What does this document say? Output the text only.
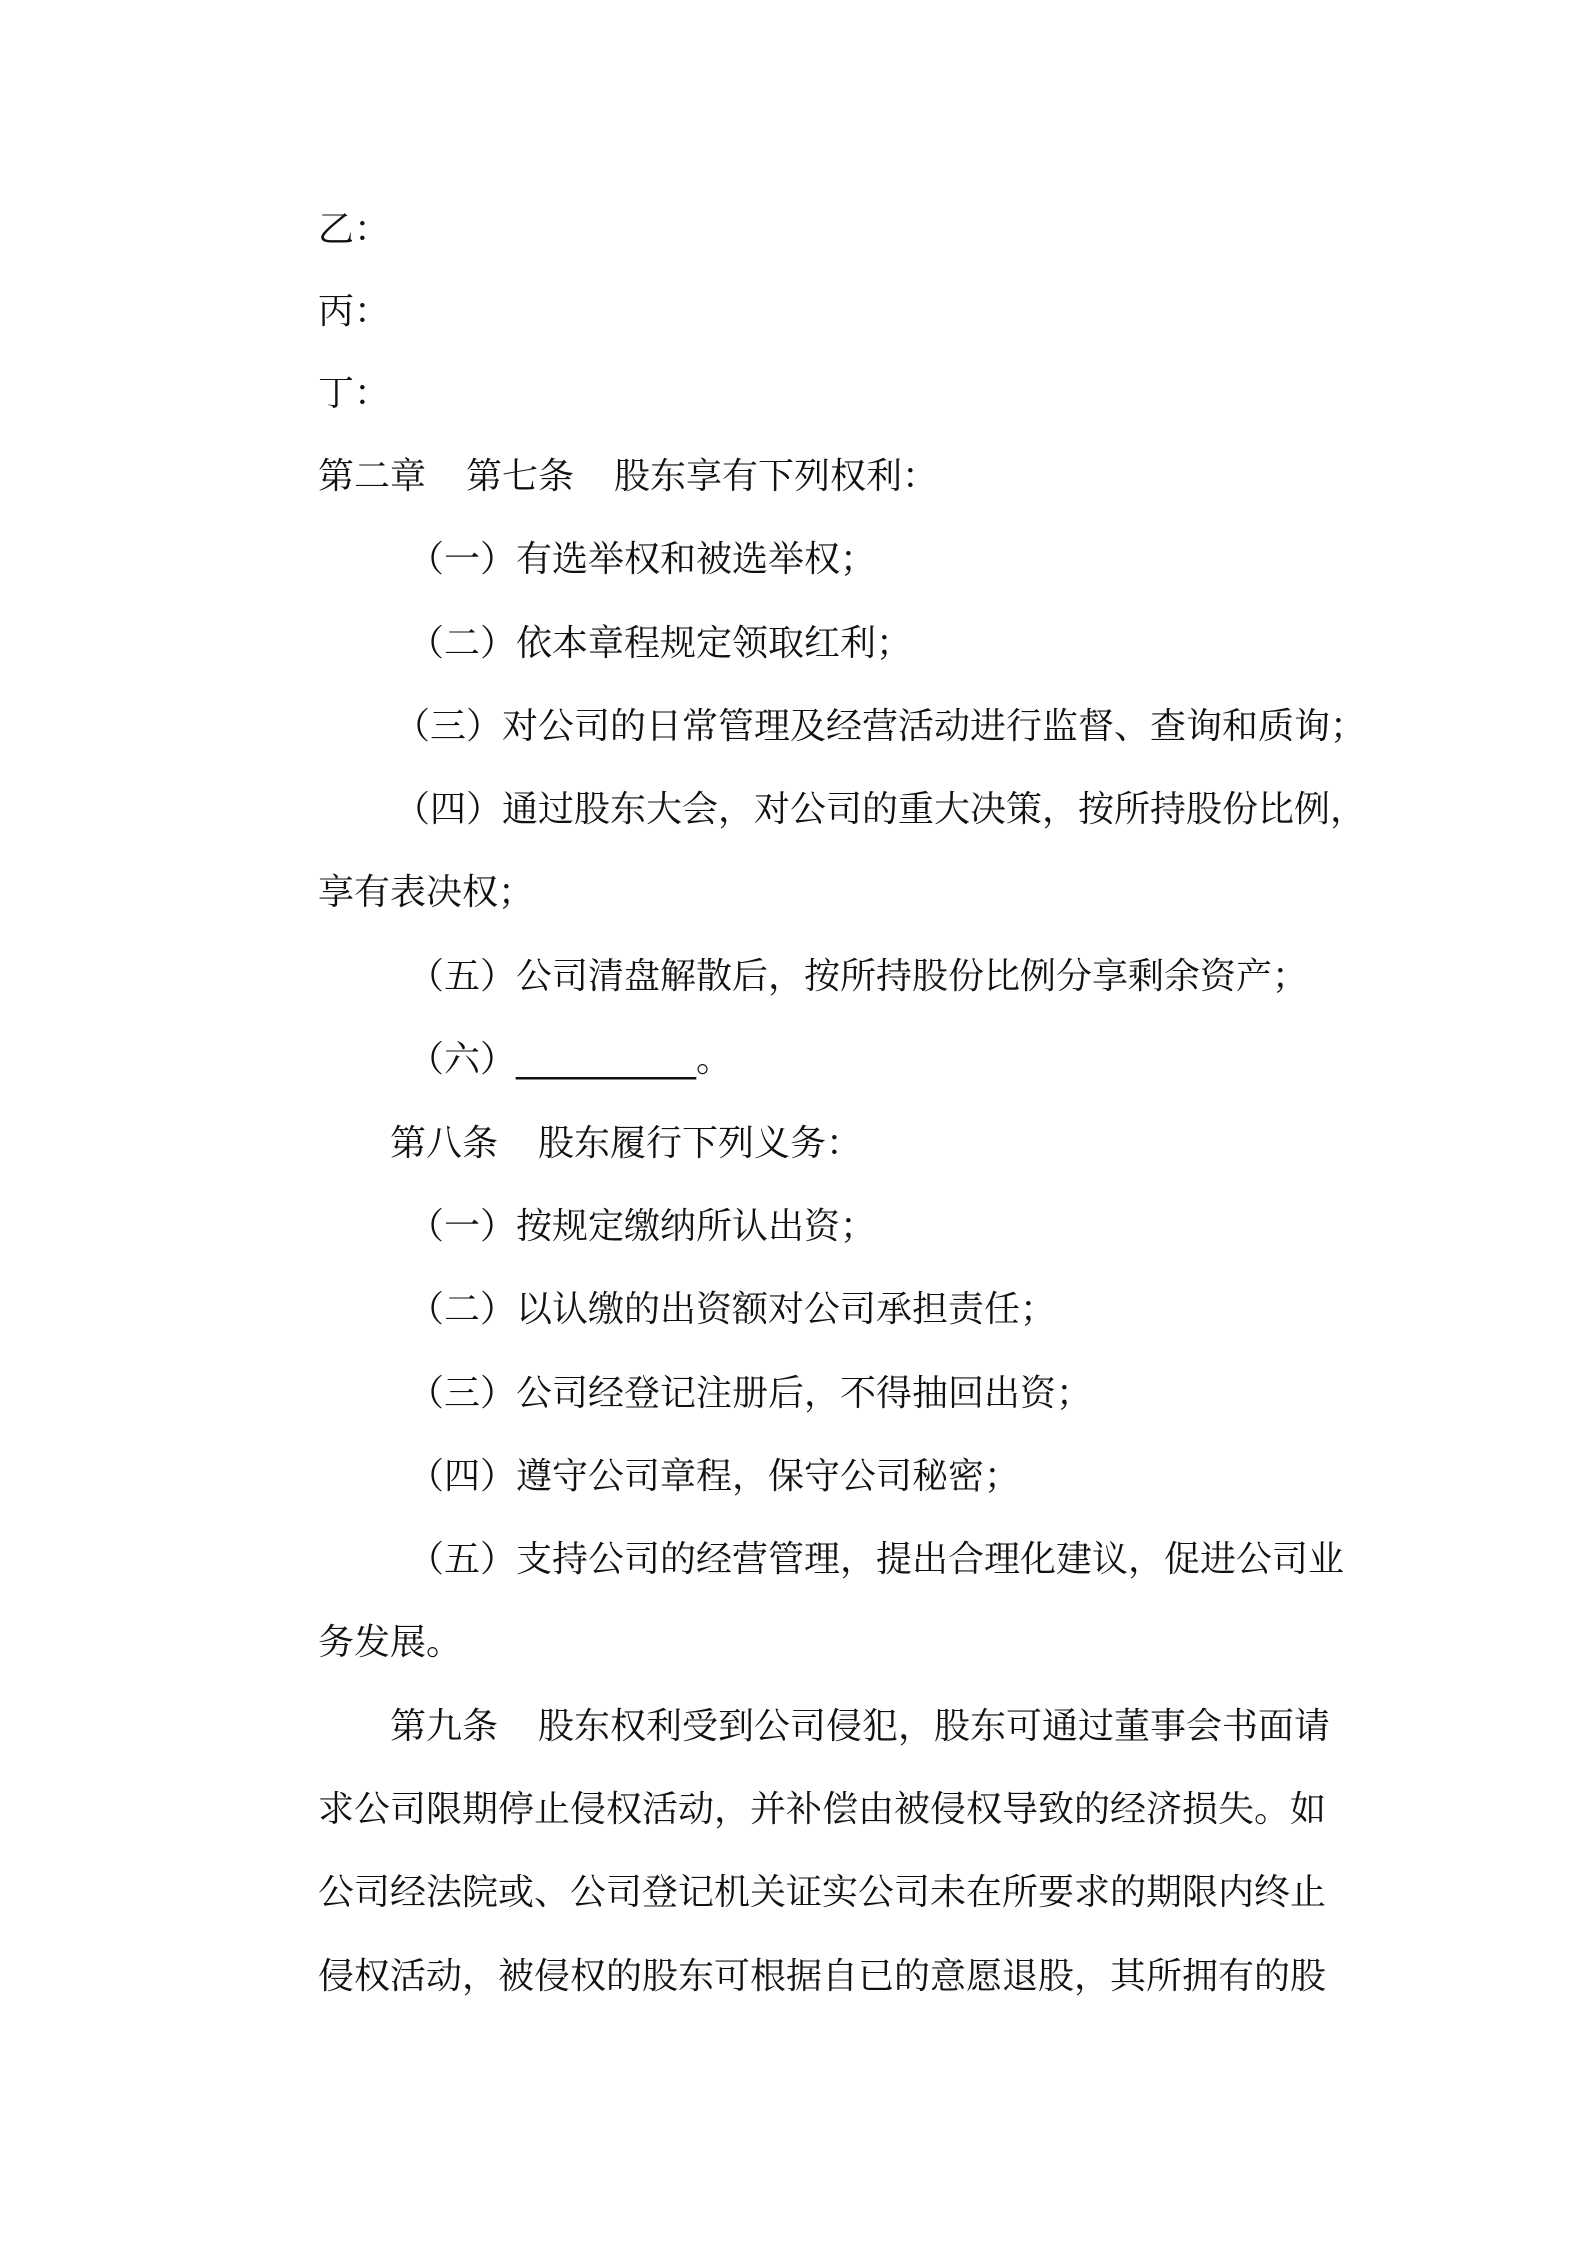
乙：
丙：
丁：
第二章 第七条 股东享有下列权利：
（一）有选举权和被选举权；
（二）依本章程规定领取红利；
（三）对公司的日常管理及经营活动进行监督、查询和质询；
（四）通过股东大会，对公司的重大决策，按所持股份比例，
享有表决权；
（五）公司清盘解散后，按所持股份比例分享剩余资产；
（六）__________。
第八条 股东履行下列义务：
（一）按规定缴纳所认出资；
（二）以认缴的出资额对公司承担责任；
（三）公司经登记注册后，不得抽回出资；
（四）遵守公司章程，保守公司秘密；
（五）支持公司的经营管理，提出合理化建议，促进公司业
务发展。
第九条 股东权利受到公司侵犯，股东可通过董事会书面请
求公司限期停止侵权活动，并补偿由被侵权导致的经济损失。如
公司经法院或、公司登记机关证实公司未在所要求的期限内终止
侵权活动，被侵权的股东可根据自已的意愿退股，其所拥有的股
